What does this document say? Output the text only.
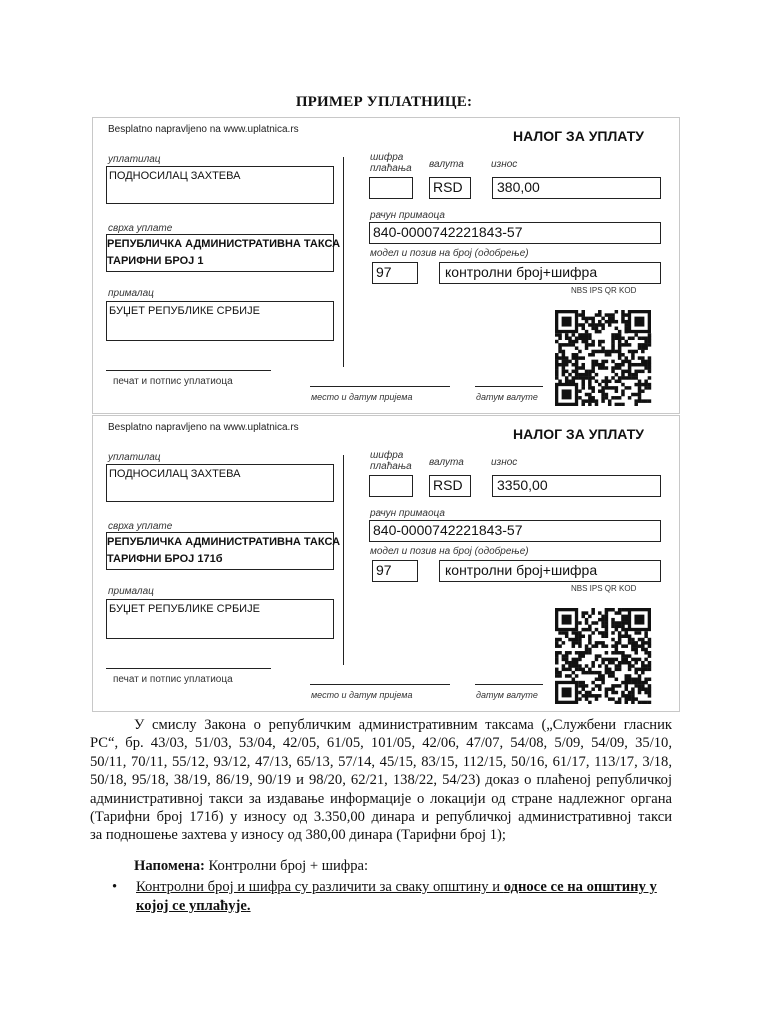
ПРИМЕР УПЛАТНИЦЕ:
Besplatno napravljeno na www.uplatnica.rs	НАЛОГ ЗА УПЛАТУ
уплатилац
ПОДНОСИЛАЦ ЗАХТЕВА
сврха уплате
РЕПУБЛИЧКА АДМИНИСТРАТИВНА ТАКСА
ТАРИФНИ БРОЈ 1
прималац
БУЏЕТ РЕПУБЛИКЕ СРБИЈЕ
печат и потпис уплатиоца
шифра
плаћања валута
RSD
износ
380,00
рачун примаоца
840-0000742221843-57
модел и позив на број (одобрење)
97	контролни број+шифра
NBS IPS QR KOD
место и датум пријема	датум валуте
Besplatno napravljeno na www.uplatnica.rs	НАЛОГ ЗА УПЛАТУ
уплатилац
ПОДНОСИЛАЦ ЗАХТЕВА
сврха уплате
РЕПУБЛИЧКА АДМИНИСТРАТИВНА ТАКСА
ТАРИФНИ БРОЈ 171б
прималац
БУЏЕТ РЕПУБЛИКЕ СРБИЈЕ
печат и потпис уплатиоца
шифра
плаћања валута
RSD
износ
3350,00
рачун примаоца
840-0000742221843-57
модел и позив на број (одобрење)
97	контролни број+шифра
NBS IPS QR KOD
место и датум пријема	датум валуте
У смислу Закона о републичким административним таксама („Службени гласник
РС“, бр. 43/03, 51/03, 53/04, 42/05, 61/05, 101/05, 42/06, 47/07, 54/08, 5/09, 54/09, 35/10,
50/11, 70/11, 55/12, 93/12, 47/13, 65/13, 57/14, 45/15, 83/15, 112/15, 50/16, 61/17, 113/17, 3/18,
50/18, 95/18, 38/19, 86/19, 90/19 и 98/20, 62/21, 138/22, 54/23) доказ о плаћеној републичкој
административној такси за издавање информације о локацији од стране надлежног органа
(Тарифни број 171б) у износу од 3.350,00 динара и републичкој административној такси
за подношење захтева у износу од 380,00 динара (Тарифни број 1);
Напомена: Контролни број + шифра:
• Контролни број и шифра су различити за сваку општину и односе се на општину у којој се уплаћује.
